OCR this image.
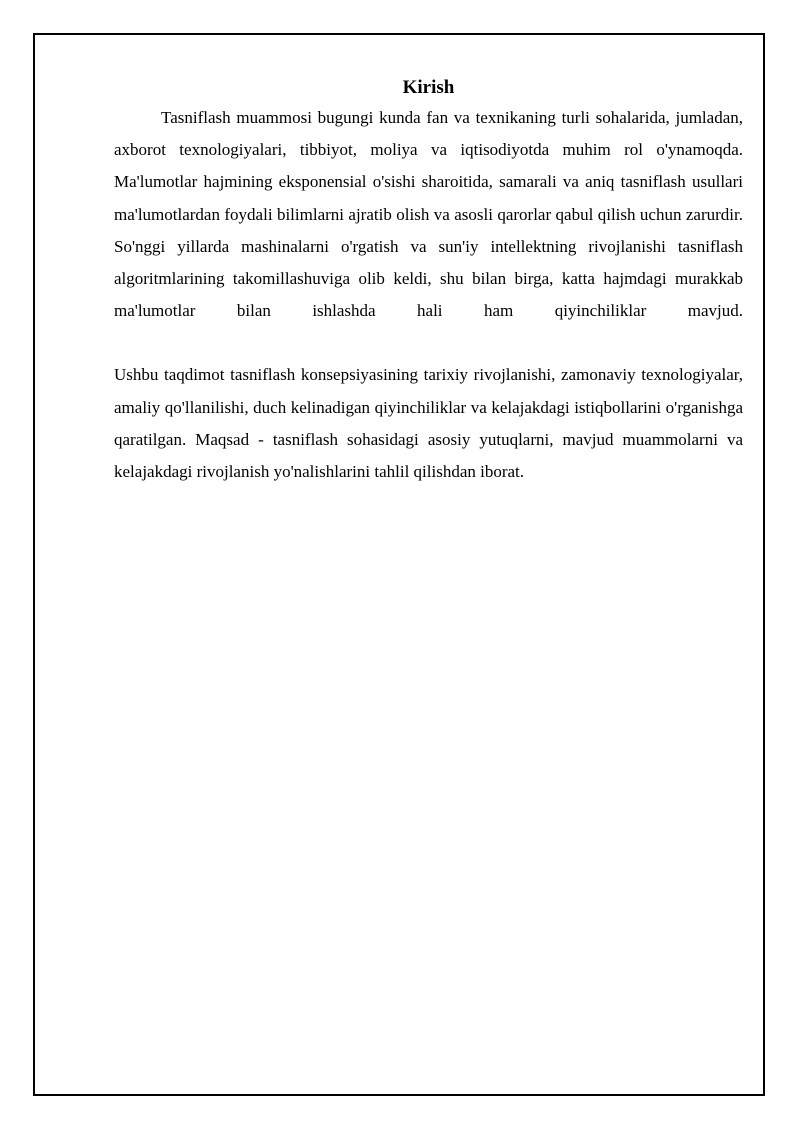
Kirish

Tasniflash muammosi bugungi kunda fan va texnikaning turli sohalarida, jumladan, axborot texnologiyalari, tibbiyot, moliya va iqtisodiyotda muhim rol o'ynamoqda. Ma'lumotlar hajmining eksponensial o'sishi sharoitida, samarali va aniq tasniflash usullari ma'lumotlardan foydali bilimlarni ajratib olish va asosli qarorlar qabul qilish uchun zarurdir. So'nggi yillarda mashinalarni o'rgatish va sun'iy intellektning rivojlanishi tasniflash algoritmlarining takomillashuviga olib keldi, shu bilan birga, katta hajmdagi murakkab ma'lumotlar bilan ishlashda hali ham qiyinchiliklar mavjud.

Ushbu taqdimot tasniflash konsepsiyasining tarixiy rivojlanishi, zamonaviy texnologiyalar, amaliy qo'llanilishi, duch kelinadigan qiyinchiliklar va kelajakdagi istiqbollarini o'rganishga qaratilgan. Maqsad - tasniflash sohasidagi asosiy yutuqlarni, mavjud muammolarni va kelajakdagi rivojlanish yo'nalishlarini tahlil qilishdan iborat.
